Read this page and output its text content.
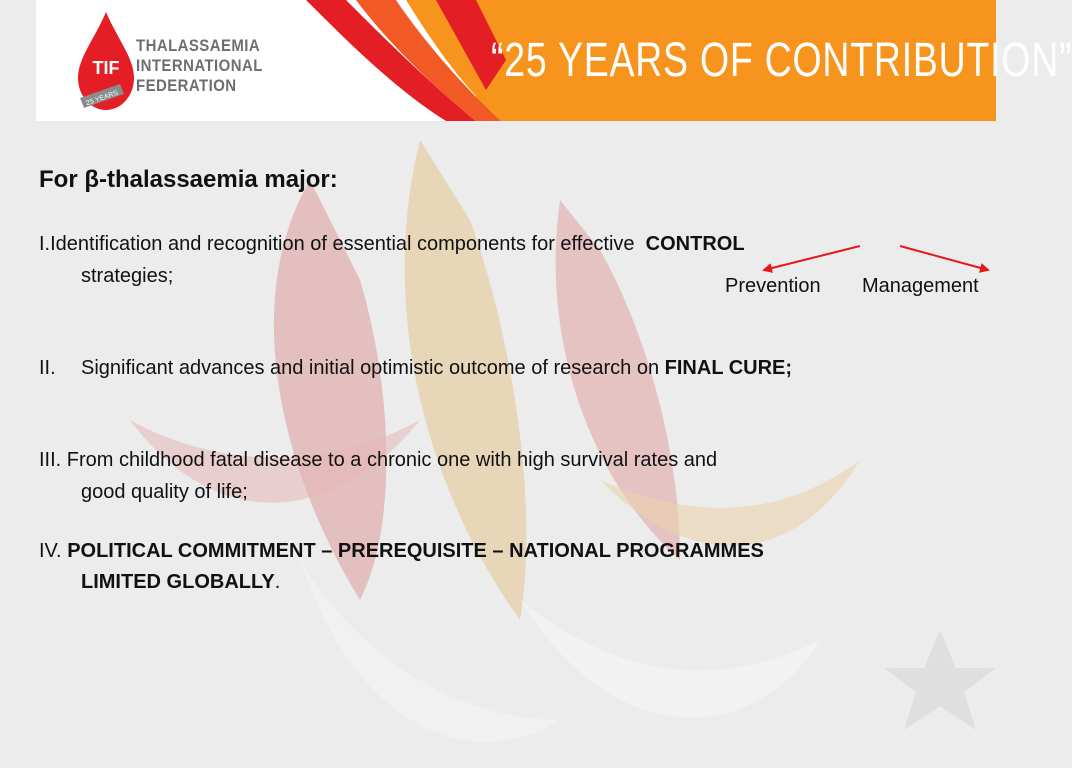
TIF
25 YEARS
THALASSAEMIA
INTERNATIONAL
FEDERATION	“25 YEARS OF CONTRIBUTION”
For β-thalassaemia major:
I.Identification and recognition of essential components for effective CONTROL
strategies;	Prevention Management
II. Significant advances and initial optimistic outcome of research on FINAL CURE;
III. From childhood fatal disease to a chronic one with high survival rates and
good quality of life;
IV. POLITICAL COMMITMENT – PREREQUISITE – NATIONAL PROGRAMMES
LIMITED GLOBALLY.
